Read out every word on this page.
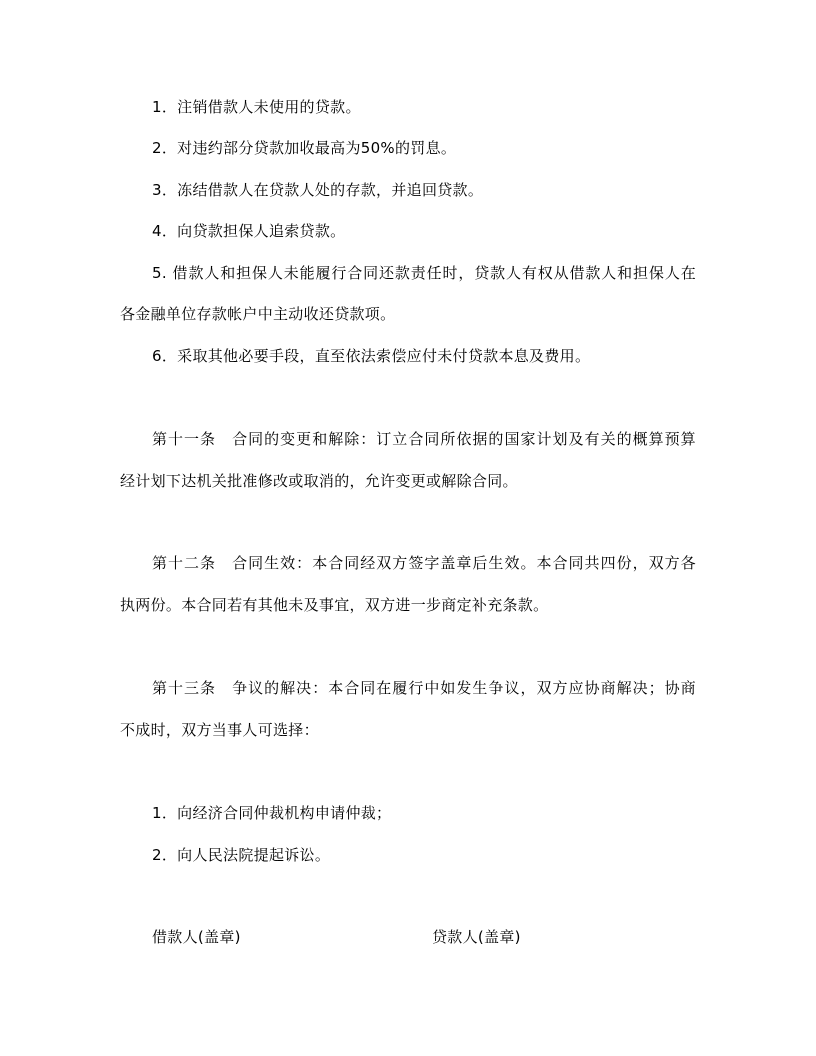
1．注销借款人未使用的贷款。
2．对违约部分贷款加收最高为50%的罚息。
3．冻结借款人在贷款人处的存款，并追回贷款。
4．向贷款担保人追索贷款。
5. 借款人和担保人未能履行合同还款责任时，贷款人有权从借款人和担保人在
各金融单位存款帐户中主动收还贷款项。
6．采取其他必要手段，直至依法索偿应付未付贷款本息及费用。
第十一条　合同的变更和解除：订立合同所依据的国家计划及有关的概算预算
经计划下达机关批准修改或取消的，允许变更或解除合同。
第十二条　合同生效：本合同经双方签字盖章后生效。本合同共四份，双方各
执两份。本合同若有其他未及事宜，双方进一步商定补充条款。
第十三条　争议的解决：本合同在履行中如发生争议，双方应协商解决；协商
不成时，双方当事人可选择：
1．向经济合同仲裁机构申请仲裁；
2．向人民法院提起诉讼。
借款人(盖章)	贷款人(盖章)
